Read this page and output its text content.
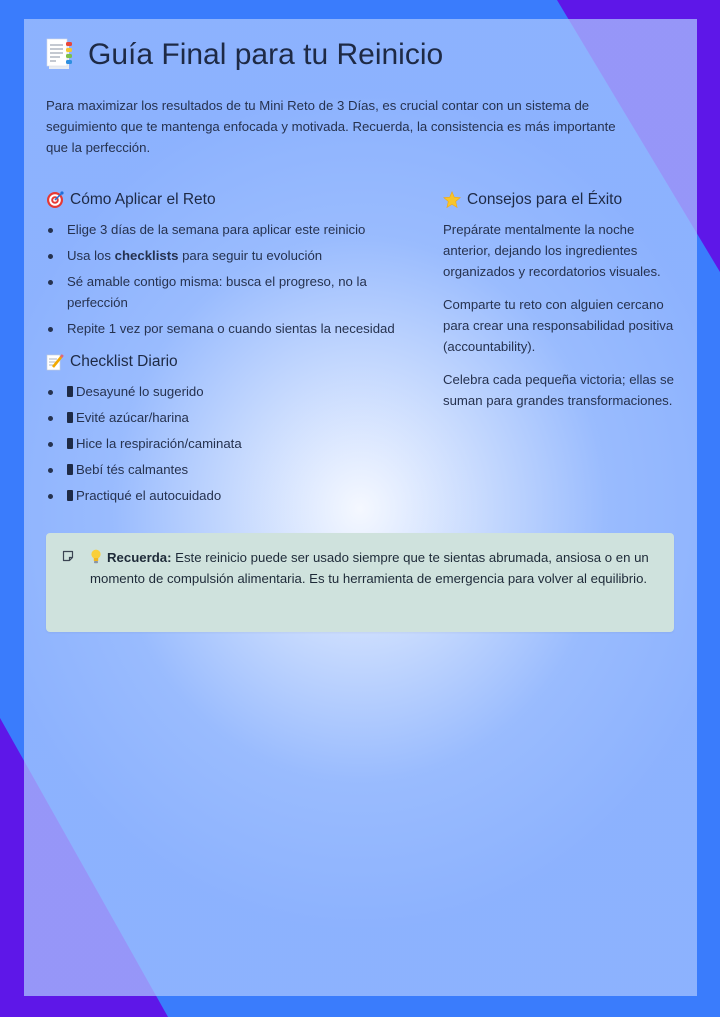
Guía Final para tu Reinicio

Para maximizar los resultados de tu Mini Reto de 3 Días, es crucial contar con un sistema de seguimiento que te mantenga enfocada y motivada. Recuerda, la consistencia es más importante que la perfección.

Cómo Aplicar el Reto
Elige 3 días de la semana para aplicar este reinicio
Usa los checklists para seguir tu evolución
Sé amable contigo misma: busca el progreso, no la perfección
Repite 1 vez por semana o cuando sientas la necesidad
Checklist Diario
Desayuné lo sugerido
Evité azúcar/harina
Hice la respiración/caminata
Bebí tés calmantes
Practiqué el autocuidado
Consejos para el Éxito

Prepárate mentalmente la noche anterior, dejando los ingredientes organizados y recordatorios visuales.

Comparte tu reto con alguien cercano para crear una responsabilidad positiva (accountability).

Celebra cada pequeña victoria; ellas se suman para grandes transformaciones.

Recuerda: Este reinicio puede ser usado siempre que te sientas abrumada, ansiosa o en un momento de compulsión alimentaria. Es tu herramienta de emergencia para volver al equilibrio.
